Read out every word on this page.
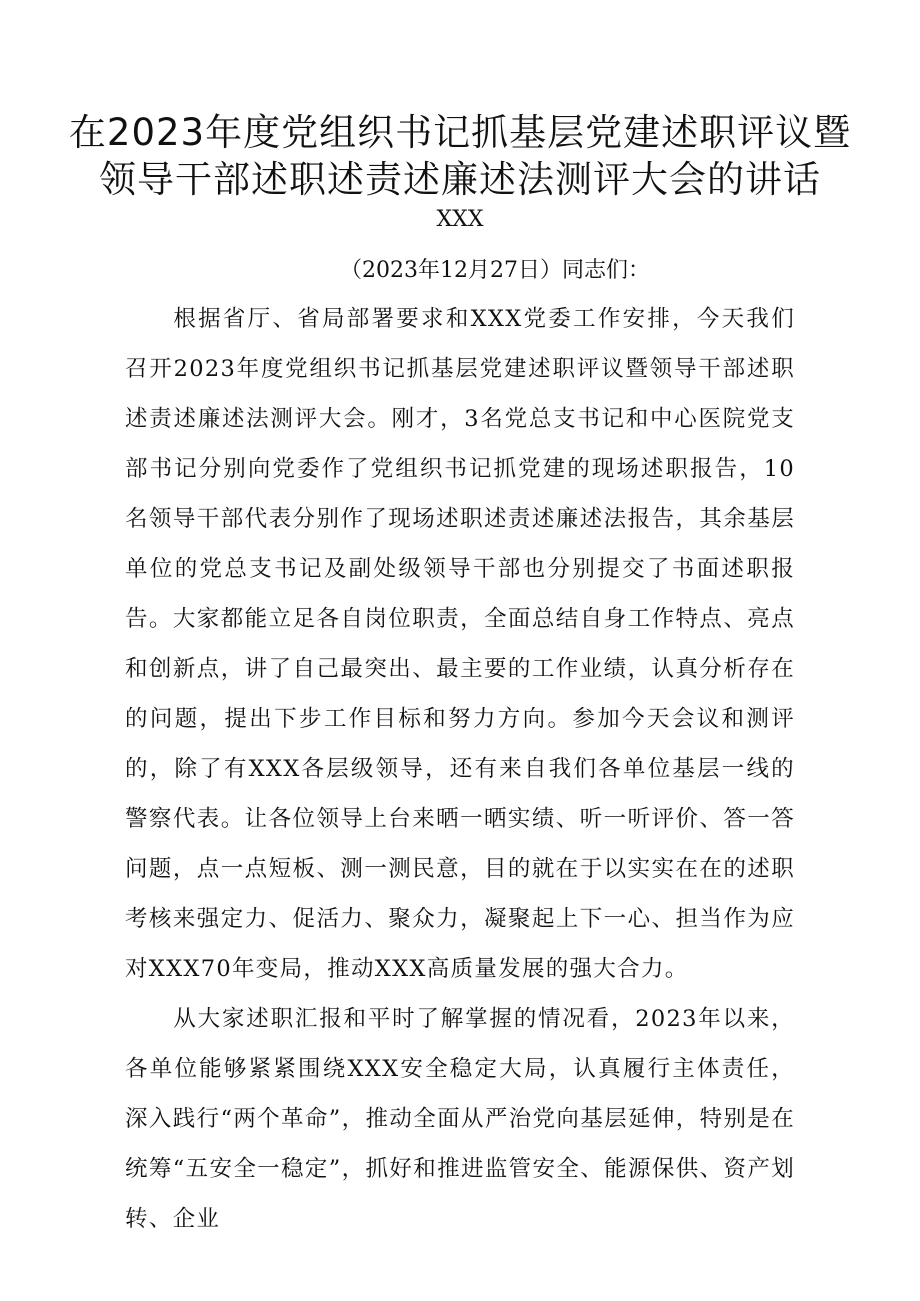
在2023年度党组织书记抓基层党建述职评议暨
领导干部述职述责述廉述法测评大会的讲话
XXX
（2023年12月27日）同志们：

根据省厅、省局部署要求和XXX党委工作安排，今天我们召开2023年度党组织书记抓基层党建述职评议暨领导干部述职述责述廉述法测评大会。刚才，3名党总支书记和中心医院党支部书记分别向党委作了党组织书记抓党建的现场述职报告，10名领导干部代表分别作了现场述职述责述廉述法报告，其余基层单位的党总支书记及副处级领导干部也分别提交了书面述职报告。大家都能立足各自岗位职责，全面总结自身工作特点、亮点和创新点，讲了自己最突出、最主要的工作业绩，认真分析存在的问题，提出下步工作目标和努力方向。参加今天会议和测评的，除了有XXX各层级领导，还有来自我们各单位基层一线的警察代表。让各位领导上台来晒一晒实绩、听一听评价、答一答问题，点一点短板、测一测民意，目的就在于以实实在在的述职考核来强定力、促活力、聚众力，凝聚起上下一心、担当作为应对XXX70年变局，推动XXX高质量发展的强大合力。

从大家述职汇报和平时了解掌握的情况看，2023年以来，各单位能够紧紧围绕XXX安全稳定大局，认真履行主体责任，深入践行“两个革命”，推动全面从严治党向基层延伸，特别是在统筹“五安全一稳定”，抓好和推进监管安全、能源保供、资产划转、企业
